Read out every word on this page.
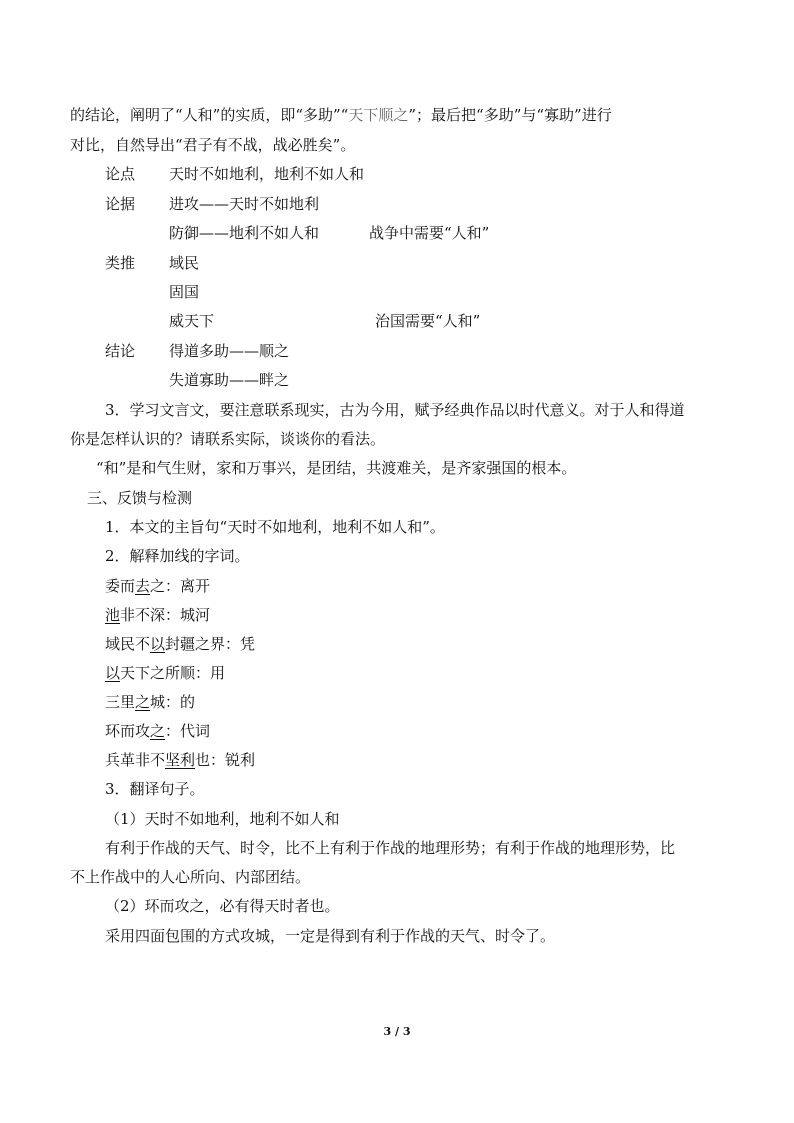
的结论，阐明了“人和”的实质，即“多助”“天下顺之”；最后把“多助”与“寡助”进行
对比，自然导出“君子有不战，战必胜矣”。
论点 天时不如地利，地利不如人和
论据 进攻——天时不如地利
防御——地利不如人和	战争中需要“人和”
类推 域民
固国
威天下	治国需要“人和”
结论 得道多助——顺之
失道寡助——畔之
3．学习文言文，要注意联系现实，古为今用，赋予经典作品以时代意义。对于人和得道
你是怎样认识的？请联系实际，谈谈你的看法。
“和”是和气生财，家和万事兴，是团结，共渡难关，是齐家强国的根本。
三、反馈与检测
1．本文的主旨句“天时不如地利，地利不如人和”。
2．解释加线的字词。
委而去之：离开
池非不深：城河
域民不以封疆之界：凭
以天下之所顺：用
三里之城：的
环而攻之：代词
兵革非不坚利也：锐利
3．翻译句子。
（1）天时不如地利，地利不如人和
有利于作战的天气、时令，比不上有利于作战的地理形势；有利于作战的地理形势，比
不上作战中的人心所向、内部团结。
（2）环而攻之，必有得天时者也。
采用四面包围的方式攻城，一定是得到有利于作战的天气、时令了。
3 / 3
